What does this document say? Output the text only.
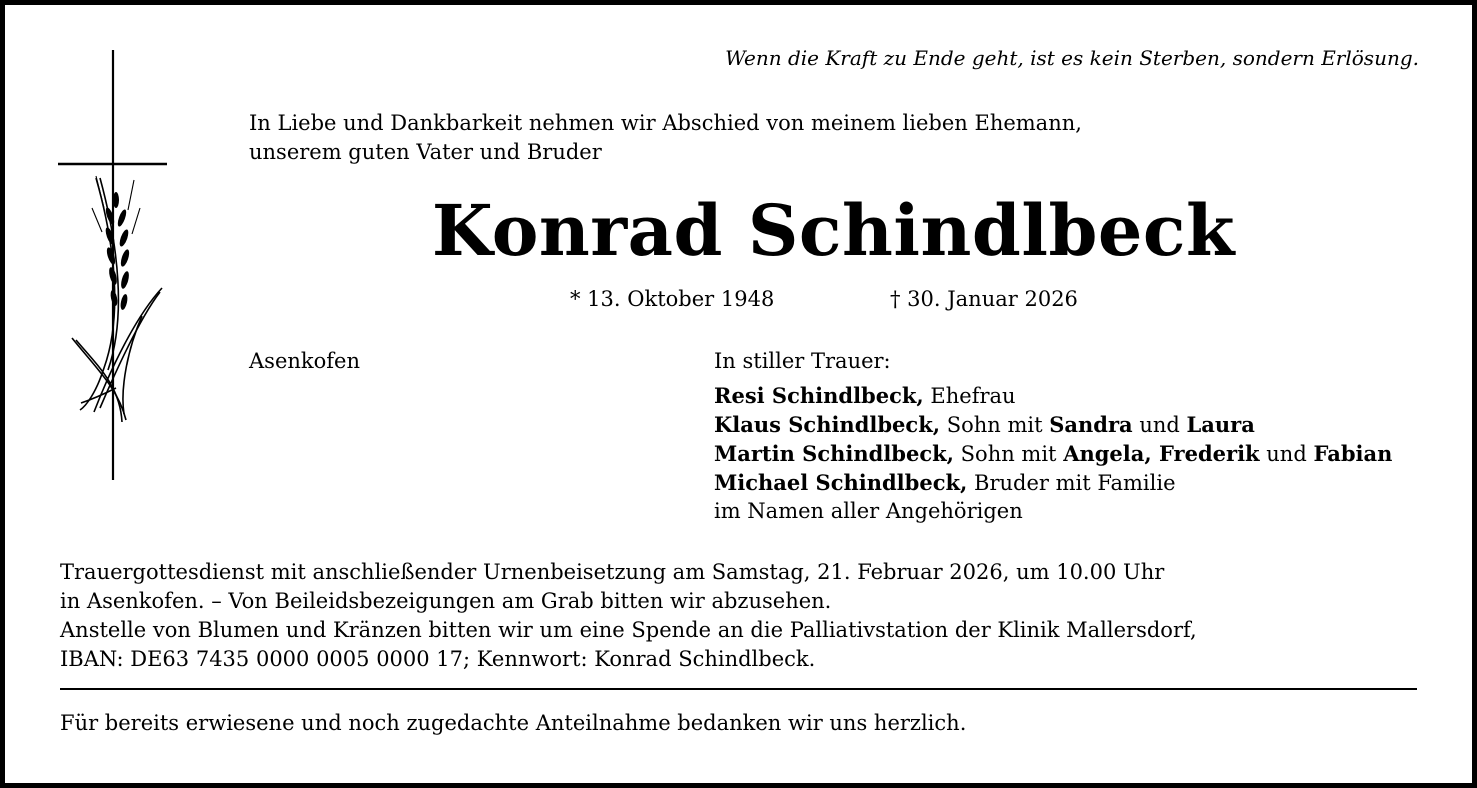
Wenn die Kraft zu Ende geht, ist es kein Sterben, sondern Erlösung.
In Liebe und Dankbarkeit nehmen wir Abschied von meinem lieben Ehemann,
unserem guten Vater und Bruder
Konrad Schindlbeck
* 13. Oktober 1948	† 30. Januar 2026
Asenkofen	In stiller Trauer:
Resi Schindlbeck, Ehefrau
Klaus Schindlbeck, Sohn mit Sandra und Laura
Martin Schindlbeck, Sohn mit Angela, Frederik und Fabian
Michael Schindlbeck, Bruder mit Familie
im Namen aller Angehörigen
Trauergottesdienst mit anschließender Urnenbeisetzung am Samstag, 21. Februar 2026, um 10.00 Uhr
in Asenkofen. – Von Beileidsbezeigungen am Grab bitten wir abzusehen.
Anstelle von Blumen und Kränzen bitten wir um eine Spende an die Palliativstation der Klinik Mallersdorf,
IBAN: DE63 7435 0000 0005 0000 17; Kennwort: Konrad Schindlbeck.
Für bereits erwiesene und noch zugedachte Anteilnahme bedanken wir uns herzlich.
